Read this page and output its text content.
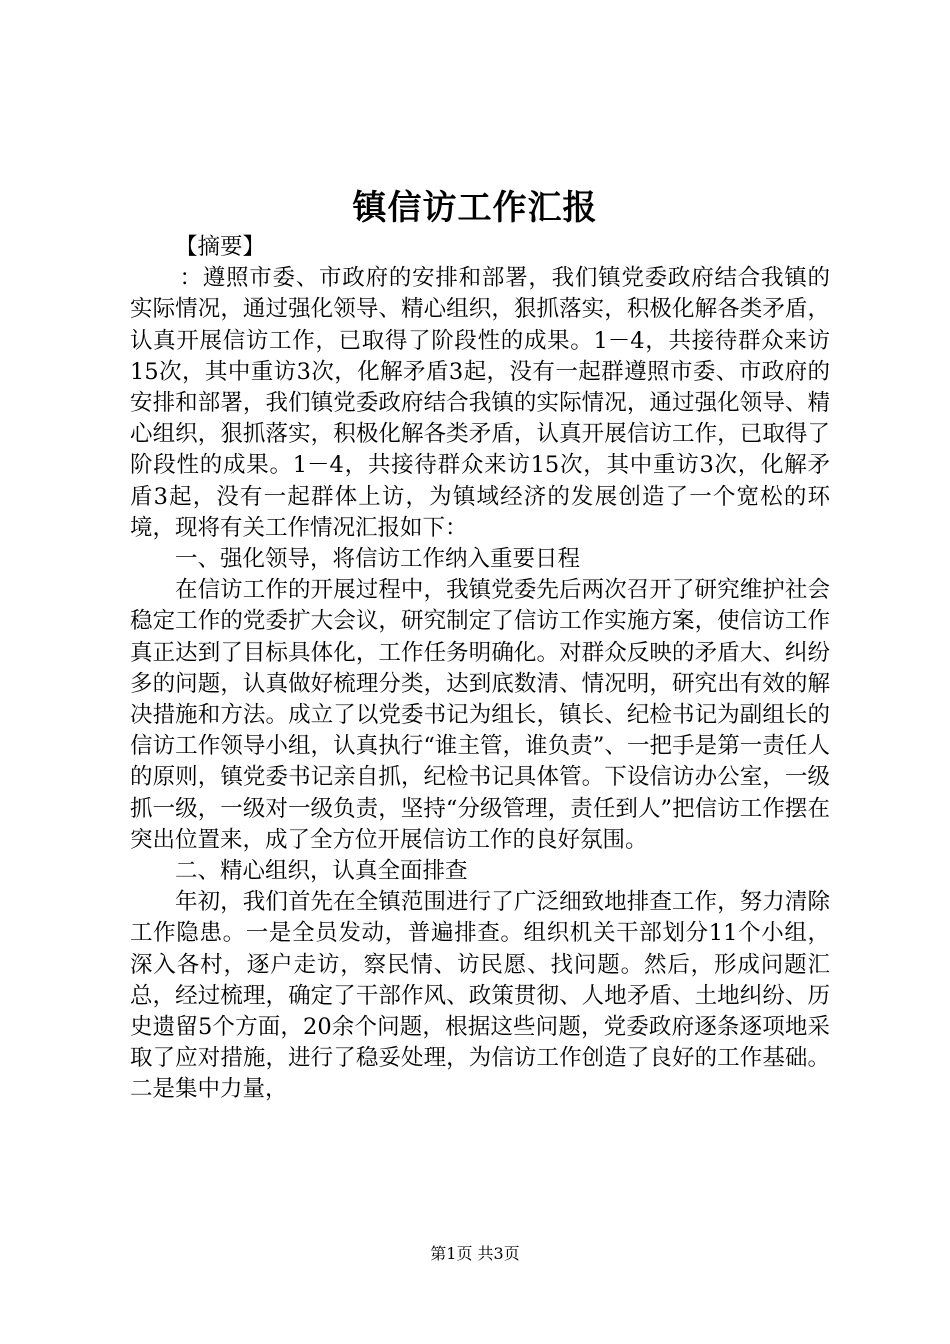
镇信访工作汇报

【摘要】

：遵照市委、市政府的安排和部署，我们镇党委政府结合我镇的实际情况，通过强化领导、精心组织，狠抓落实，积极化解各类矛盾，认真开展信访工作，已取得了阶段性的成果。1－4，共接待群众来访15次，其中重访3次，化解矛盾3起，没有一起群遵照市委、市政府的安排和部署，我们镇党委政府结合我镇的实际情况，通过强化领导、精心组织，狠抓落实，积极化解各类矛盾，认真开展信访工作，已取得了阶段性的成果。1－4，共接待群众来访15次，其中重访3次，化解矛盾3起，没有一起群体上访，为镇域经济的发展创造了一个宽松的环境，现将有关工作情况汇报如下：

一、强化领导，将信访工作纳入重要日程

在信访工作的开展过程中，我镇党委先后两次召开了研究维护社会稳定工作的党委扩大会议，研究制定了信访工作实施方案，使信访工作真正达到了目标具体化，工作任务明确化。对群众反映的矛盾大、纠纷多的问题，认真做好梳理分类，达到底数清、情况明，研究出有效的解决措施和方法。成立了以党委书记为组长，镇长、纪检书记为副组长的信访工作领导小组，认真执行“谁主管，谁负责”、一把手是第一责任人的原则，镇党委书记亲自抓，纪检书记具体管。下设信访办公室，一级抓一级，一级对一级负责，坚持“分级管理，责任到人”把信访工作摆在突出位置来，成了全方位开展信访工作的良好氛围。

二、精心组织，认真全面排查

年初，我们首先在全镇范围进行了广泛细致地排查工作，努力清除工作隐患。一是全员发动，普遍排查。组织机关干部划分11个小组，深入各村，逐户走访，察民情、访民愿、找问题。然后，形成问题汇总，经过梳理，确定了干部作风、政策贯彻、人地矛盾、土地纠纷、历史遗留5个方面，20余个问题，根据这些问题，党委政府逐条逐项地采取了应对措施，进行了稳妥处理，为信访工作创造了良好的工作基础。二是集中力量，

第1页 共3页
